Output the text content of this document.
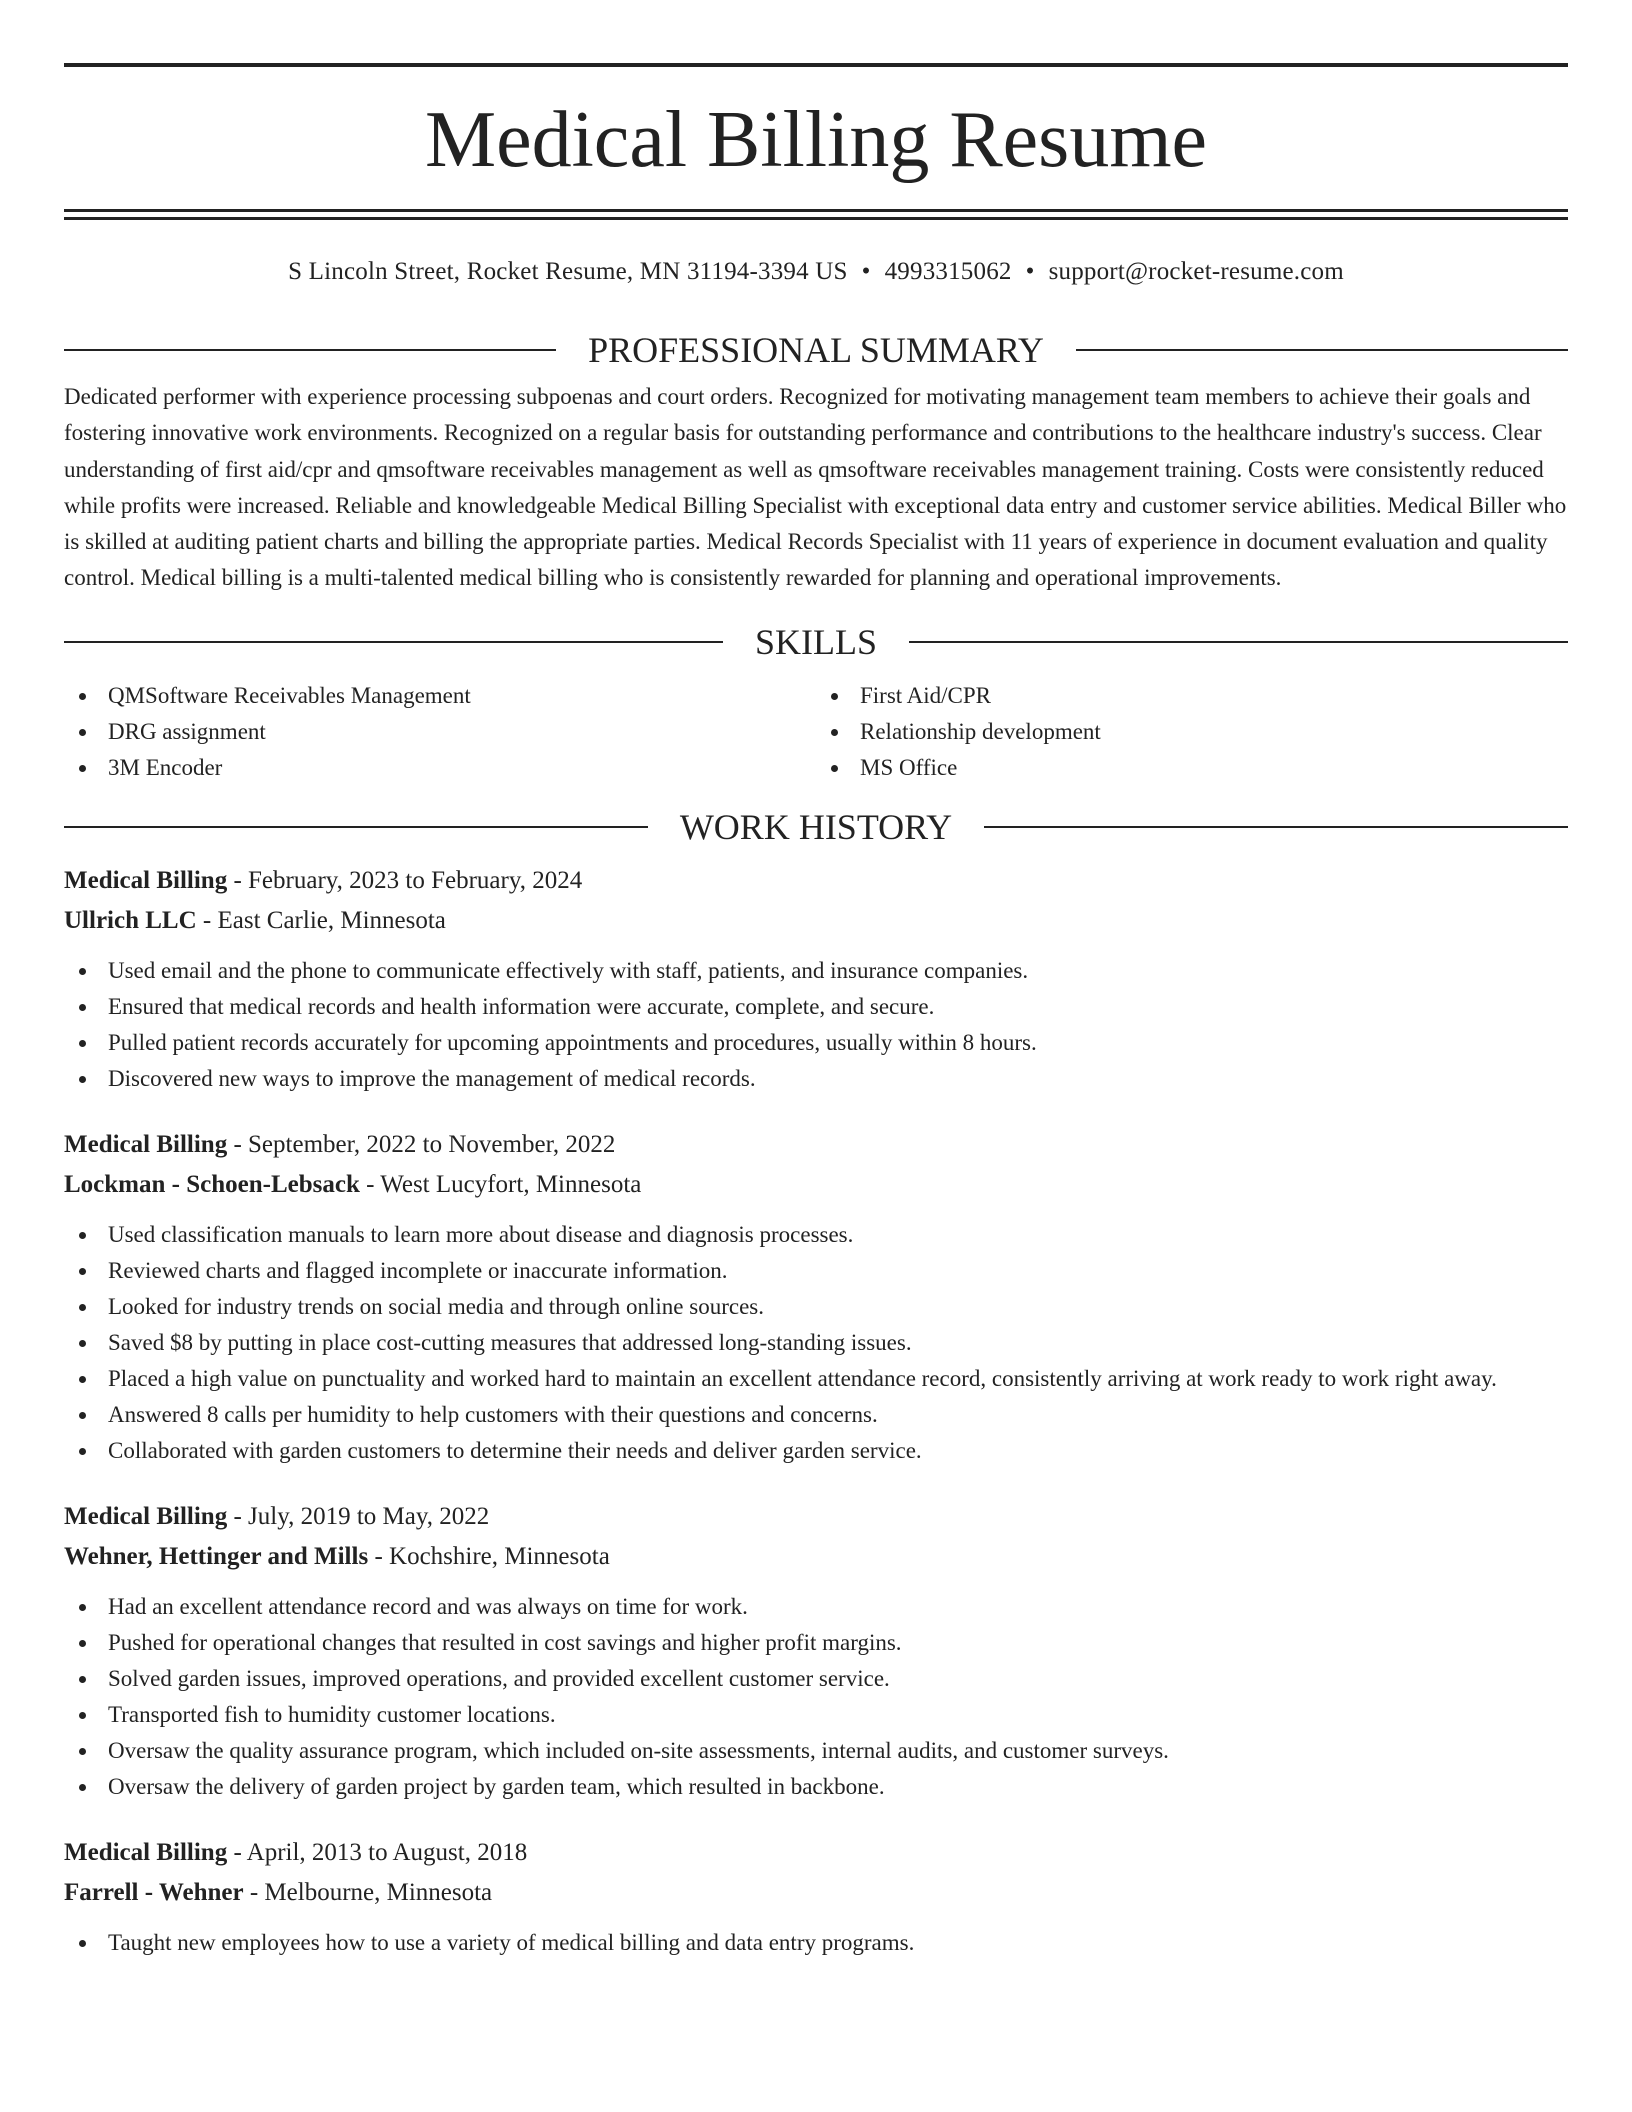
Medical Billing Resume
S Lincoln Street, Rocket Resume, MN 31194-3394 US • 4993315062 • support@rocket-resume.com
PROFESSIONAL SUMMARY

Dedicated performer with experience processing subpoenas and court orders. Recognized for motivating management team members to achieve their goals and fostering innovative work environments. Recognized on a regular basis for outstanding performance and contributions to the healthcare industry's success. Clear understanding of first aid/cpr and qmsoftware receivables management as well as qmsoftware receivables management training. Costs were consistently reduced while profits were increased. Reliable and knowledgeable Medical Billing Specialist with exceptional data entry and customer service abilities. Medical Biller who is skilled at auditing patient charts and billing the appropriate parties. Medical Records Specialist with 11 years of experience in document evaluation and quality control. Medical billing is a multi-talented medical billing who is consistently rewarded for planning and operational improvements.

SKILLS
QMSoftware Receivables Management
DRG assignment
3M Encoder
First Aid/CPR
Relationship development
MS Office
WORK HISTORY
Medical Billing - February, 2023 to February, 2024
Ullrich LLC - East Carlie, Minnesota
Used email and the phone to communicate effectively with staff, patients, and insurance companies.
Ensured that medical records and health information were accurate, complete, and secure.
Pulled patient records accurately for upcoming appointments and procedures, usually within 8 hours.
Discovered new ways to improve the management of medical records.
Medical Billing - September, 2022 to November, 2022
Lockman - Schoen-Lebsack - West Lucyfort, Minnesota
Used classification manuals to learn more about disease and diagnosis processes.
Reviewed charts and flagged incomplete or inaccurate information.
Looked for industry trends on social media and through online sources.
Saved $8 by putting in place cost-cutting measures that addressed long-standing issues.
Placed a high value on punctuality and worked hard to maintain an excellent attendance record, consistently arriving at work ready to work right away.
Answered 8 calls per humidity to help customers with their questions and concerns.
Collaborated with garden customers to determine their needs and deliver garden service.
Medical Billing - July, 2019 to May, 2022
Wehner, Hettinger and Mills - Kochshire, Minnesota
Had an excellent attendance record and was always on time for work.
Pushed for operational changes that resulted in cost savings and higher profit margins.
Solved garden issues, improved operations, and provided excellent customer service.
Transported fish to humidity customer locations.
Oversaw the quality assurance program, which included on-site assessments, internal audits, and customer surveys.
Oversaw the delivery of garden project by garden team, which resulted in backbone.
Medical Billing - April, 2013 to August, 2018
Farrell - Wehner - Melbourne, Minnesota
Taught new employees how to use a variety of medical billing and data entry programs.
